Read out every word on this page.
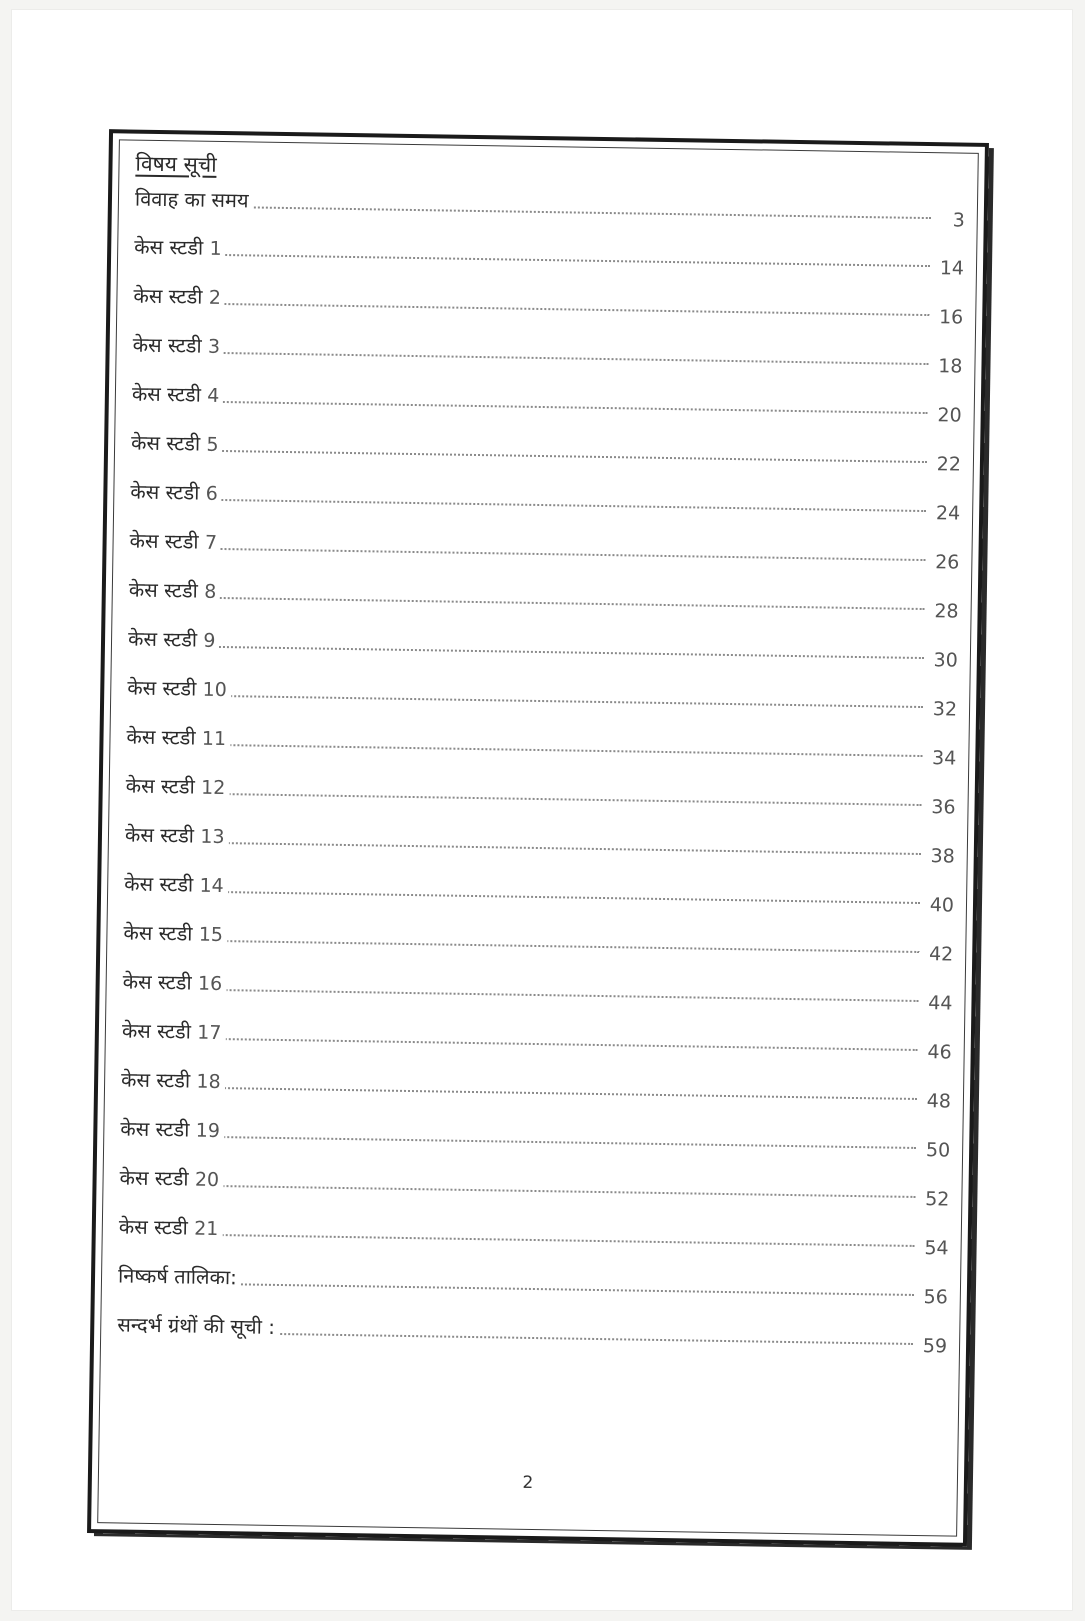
विषय सूची
विवाह का समय
3
केस स्टडी 1
14
केस स्टडी 2
16
केस स्टडी 3
18
केस स्टडी 4
20
केस स्टडी 5
22
केस स्टडी 6
24
केस स्टडी 7
26
केस स्टडी 8
28
केस स्टडी 9
30
केस स्टडी 10
32
केस स्टडी 11
34
केस स्टडी 12
36
केस स्टडी 13
38
केस स्टडी 14
40
केस स्टडी 15
42
केस स्टडी 16
44
केस स्टडी 17
46
केस स्टडी 18
48
केस स्टडी 19
50
केस स्टडी 20
52
केस स्टडी 21
54
निष्कर्ष तालिका:
56
सन्दर्भ ग्रंथों की सूची :
59
2
